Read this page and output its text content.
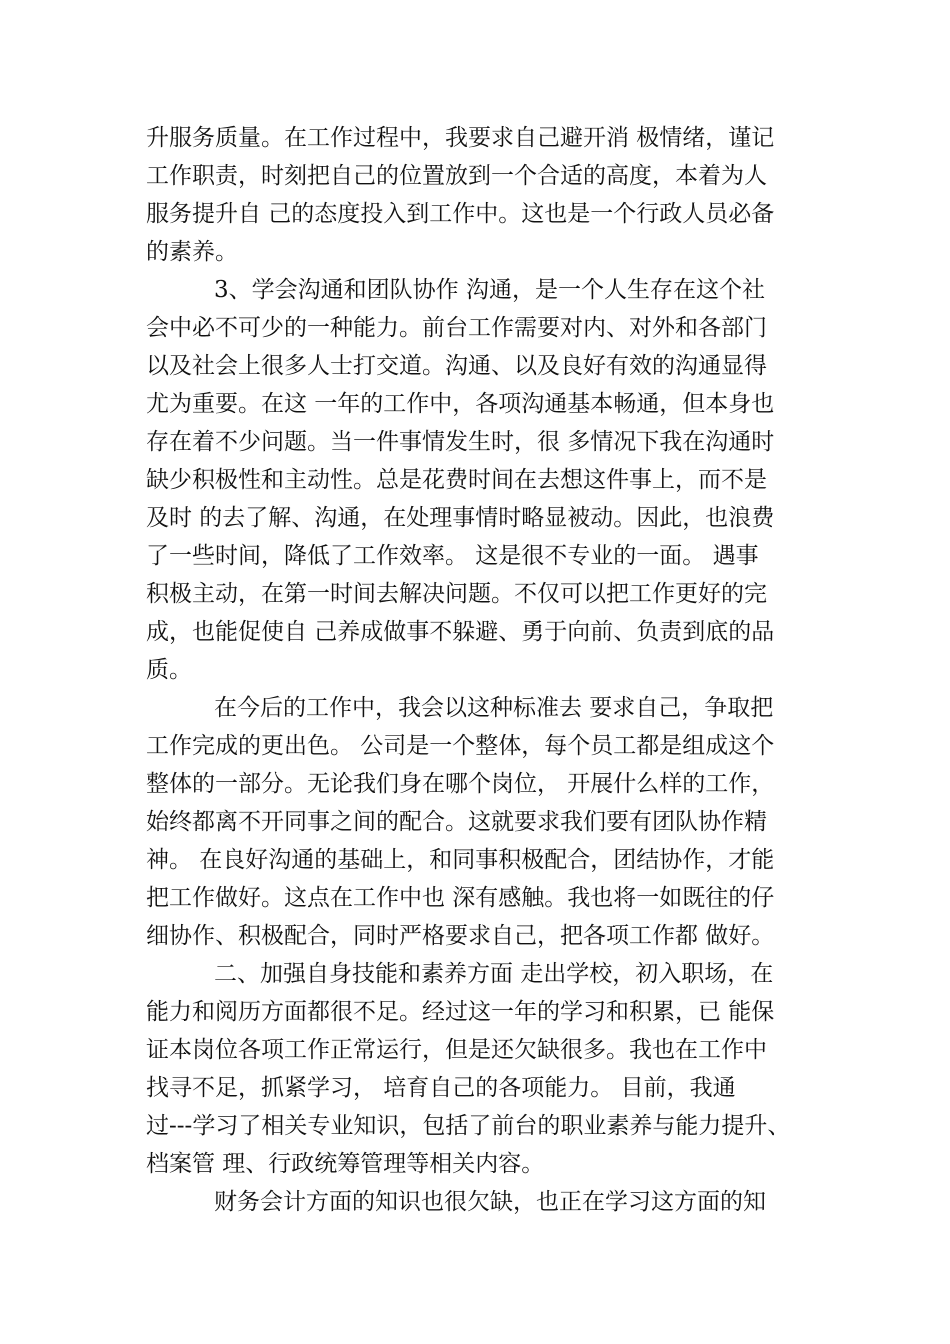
升服务质量。在工作过程中，我要求自己避开消 极情绪，谨记
工作职责，时刻把自己的位置放到一个合适的高度，本着为人
服务提升自 己的态度投入到工作中。这也是一个行政人员必备
的素养。
3、学会沟通和团队协作 沟通，是一个人生存在这个社
会中必不可少的一种能力。前台工作需要对内、对外和各部门
以及社会上很多人士打交道。沟通、以及良好有效的沟通显得
尤为重要。在这 一年的工作中，各项沟通基本畅通，但本身也
存在着不少问题。当一件事情发生时，很 多情况下我在沟通时
缺少积极性和主动性。总是花费时间在去想这件事上，而不是
及时 的去了解、沟通，在处理事情时略显被动。因此，也浪费
了一些时间，降低了工作效率。 这是很不专业的一面。 遇事
积极主动，在第一时间去解决问题。不仅可以把工作更好的完
成，也能促使自 己养成做事不躲避、勇于向前、负责到底的品
质。
在今后的工作中，我会以这种标准去 要求自己，争取把
工作完成的更出色。 公司是一个整体，每个员工都是组成这个
整体的一部分。无论我们身在哪个岗位， 开展什么样的工作，
始终都离不开同事之间的配合。这就要求我们要有团队协作精
神。 在良好沟通的基础上，和同事积极配合，团结协作，才能
把工作做好。这点在工作中也 深有感触。我也将一如既往的仔
细协作、积极配合，同时严格要求自己，把各项工作都 做好。
二、加强自身技能和素养方面 走出学校，初入职场，在
能力和阅历方面都很不足。经过这一年的学习和积累，已 能保
证本岗位各项工作正常运行，但是还欠缺很多。我也在工作中
找寻不足，抓紧学习， 培育自己的各项能力。 目前，我通
过---学习了相关专业知识，包括了前台的职业素养与能力提升、
档案管 理、行政统筹管理等相关内容。
财务会计方面的知识也很欠缺，也正在学习这方面的知
